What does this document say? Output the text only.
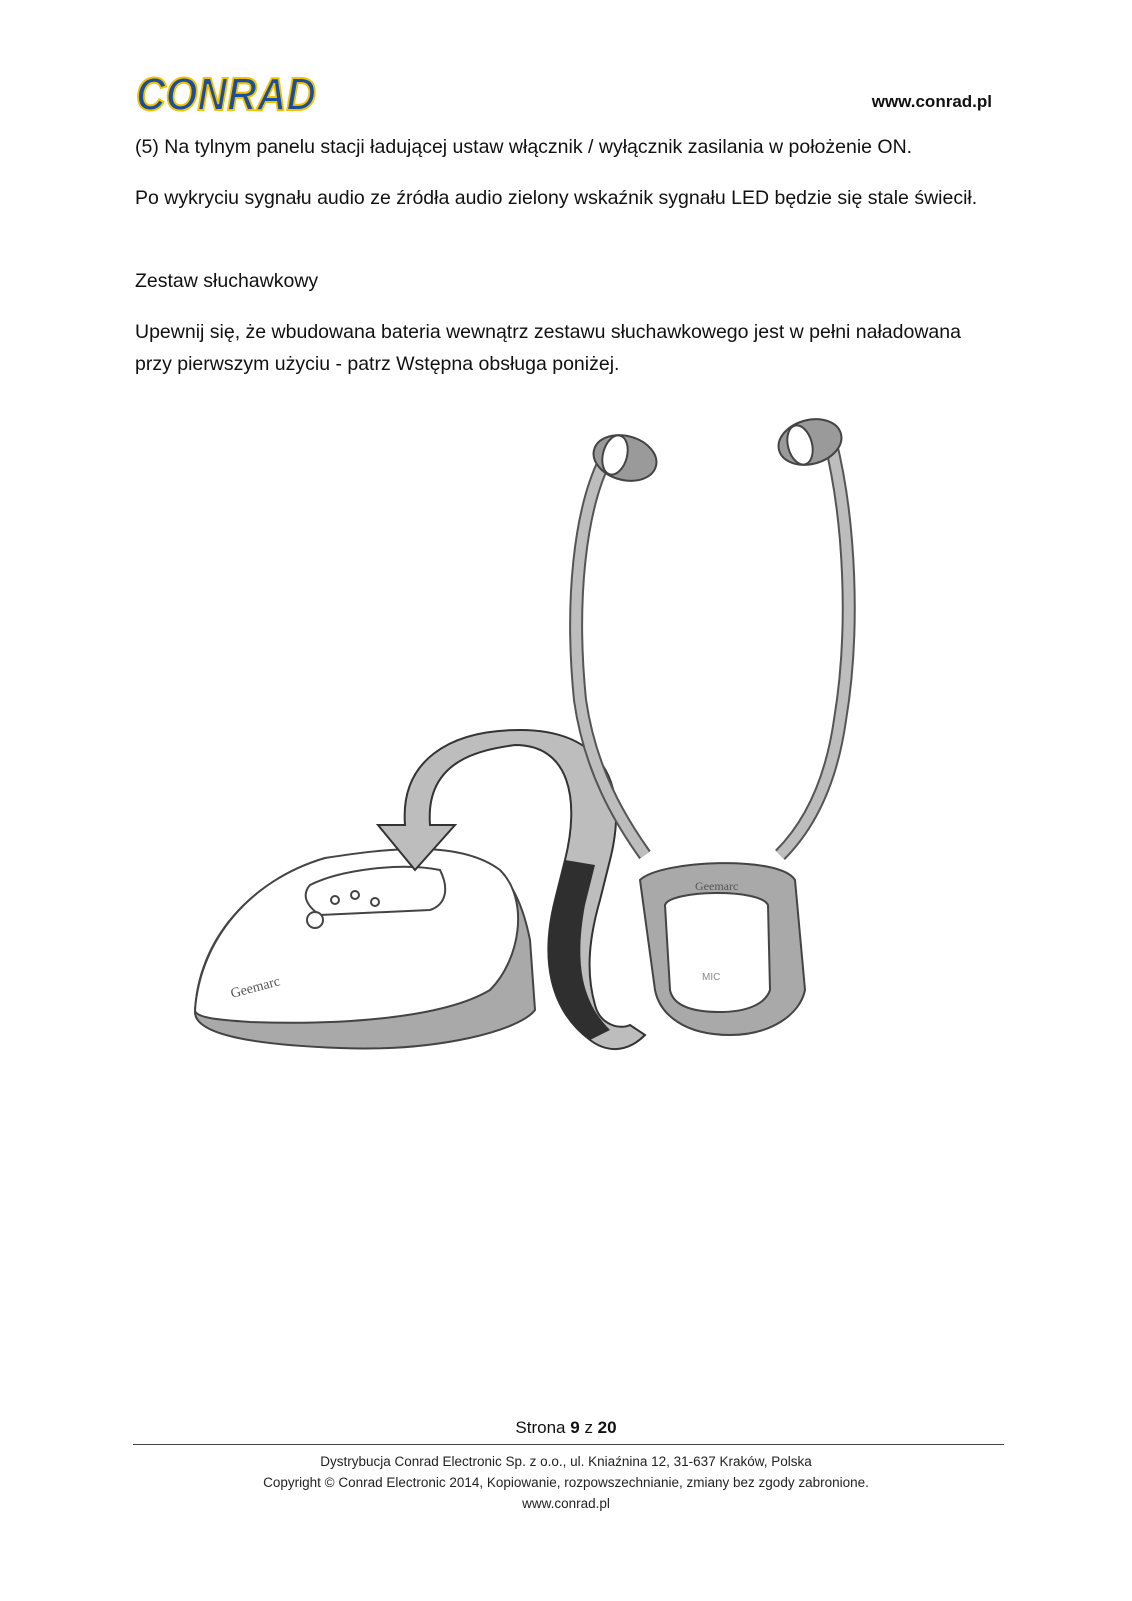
CONRAD	www.conrad.pl

(5) Na tylnym panelu stacji ładującej ustaw włącznik / wyłącznik zasilania w położenie ON.

Po wykryciu sygnału audio ze źródła audio zielony wskaźnik sygnału LED będzie się stale świecił.

Zestaw słuchawkowy

Upewnij się, że wbudowana bateria wewnątrz zestawu słuchawkowego jest w pełni naładowana przy pierwszym użyciu - patrz Wstępna obsługa poniżej.

Geemarc
Geemarc
MIC
Strona 9 z 20
Dystrybucja Conrad Electronic Sp. z o.o., ul. Kniaźnina 12, 31-637 Kraków, Polska
Copyright © Conrad Electronic 2014, Kopiowanie, rozpowszechnianie, zmiany bez zgody zabronione.
www.conrad.pl
